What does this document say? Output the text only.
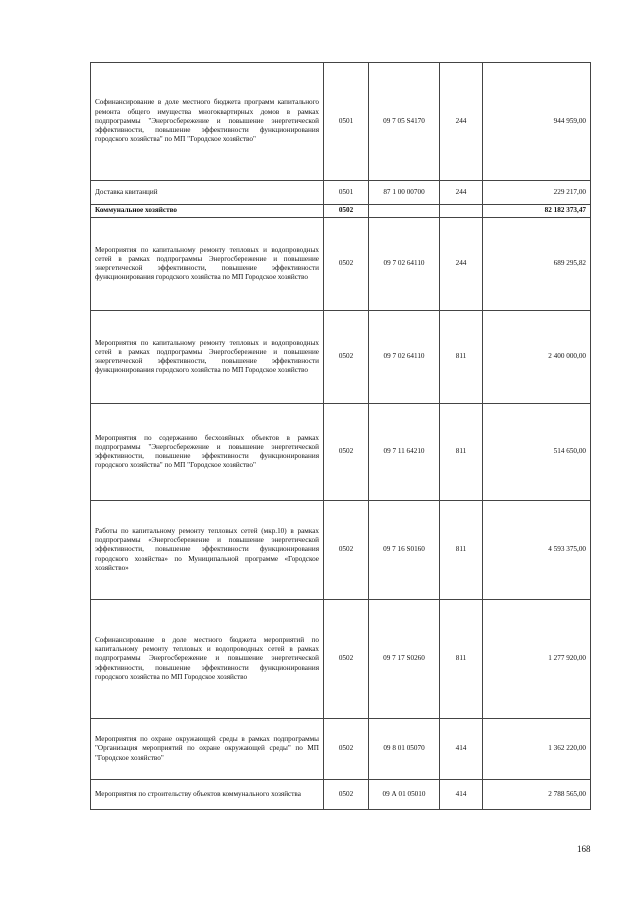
Софинансирование в доле местного бюджета программ капитального ремонта общего имущества многоквартирных домов в рамках подпрограммы "Энергосбережение и повышение энергетической эффективности, повышение эффективности функционирования городского хозяйства" по МП "Городское хозяйство"	0501	09 7 05 S4170	244	944 959,00
Доставка квитанций	0501	87 1 00 00700	244	229 217,00
Коммунальное хозяйство	0502			82 182 373,47
Мероприятия по капитальному ремонту тепловых и водопроводных сетей в рамках подпрограммы Энергосбережение и повышение энергетической эффективности, повышение эффективности функционирования городского хозяйства по МП Городское хозяйство	0502	09 7 02 64110	244	689 295,82
Мероприятия по капитальному ремонту тепловых и водопроводных сетей в рамках подпрограммы Энергосбережение и повышение энергетической эффективности, повышение эффективности функционирования городского хозяйства по МП Городское хозяйство	0502	09 7 02 64110	811	2 400 000,00
Мероприятия по содержанию бесхозяйных объектов в рамках подпрограммы "Энергосбережение и повышение энергетической эффективности, повышение эффективности функционирования городского хозяйства" по МП "Городское хозяйство"	0502	09 7 11 64210	811	514 650,00
Работы по капитальному ремонту тепловых сетей (мкр.10) в рамках подпрограммы «Энергосбережение и повышение энергетической эффективности, повышение эффективности функционирования городского хозяйства» по Муниципальной программе «Городское хозяйство»	0502	09 7 16 S0160	811	4 593 375,00
Софинансирование в доле местного бюджета мероприятий по капитальному ремонту тепловых и водопроводных сетей в рамках подпрограммы Энергосбережение и повышение энергетической эффективности, повышение эффективности функционирования городского хозяйства по МП Городское хозяйство	0502	09 7 17 S0260	811	1 277 920,00
Мероприятия по охране окружающей среды в рамках подпрограммы "Организация мероприятий по охране окружающей среды" по МП "Городское хозяйство"	0502	09 8 01 05070	414	1 362 220,00
Мероприятия по строительству объектов коммунального хозяйства	0502	09 А 01 05010	414	2 788 565,00
168
